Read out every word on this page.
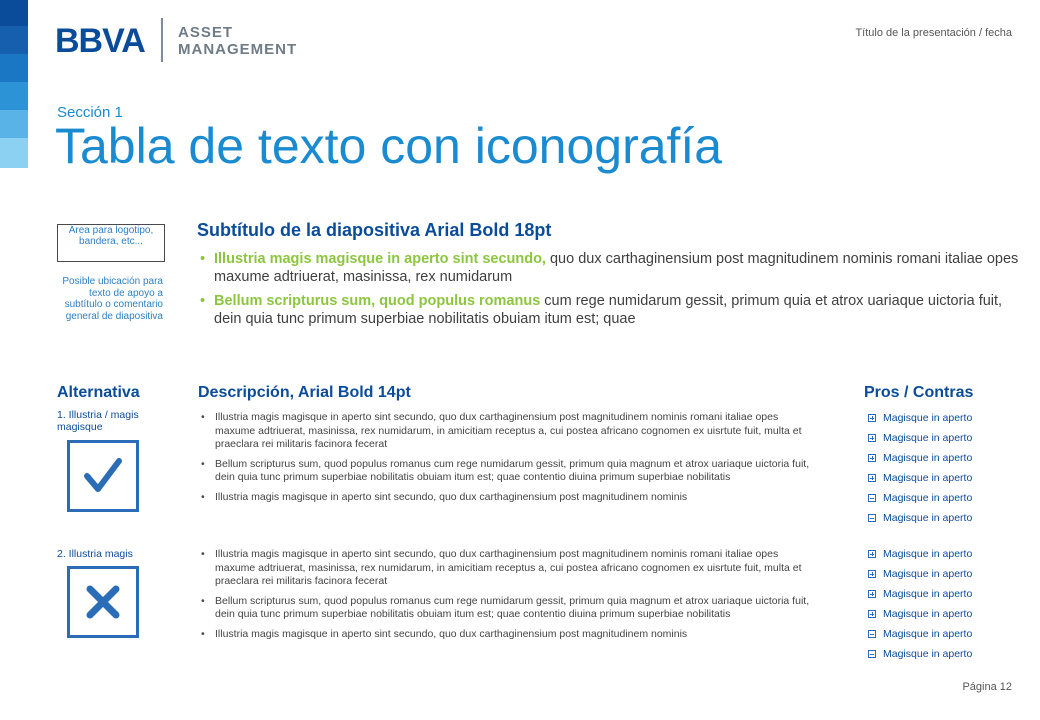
BBVA ASSET
MANAGEMENT
Título de la presentación / fecha
Sección 1
Tabla de texto con iconografía
Área para logotipo, bandera, etc...
Posible ubicación para texto de apoyo a subtítulo o comentario general de diapositiva
Subtítulo de la diapositiva Arial Bold 18pt
• Illustria magis magisque in aperto sint secundo, quo dux carthaginensium post magnitudinem nominis romani italiae opes maxume adtriuerat, masinissa, rex numidarum
• Bellum scripturus sum, quod populus romanus cum rege numidarum gessit, primum quia et atrox uariaque uictoria fuit, dein quia tunc primum superbiae nobilitatis obuiam itum est; quae
Alternativa	Descripción, Arial Bold 14pt	Pros / Contras
1. Illustria / magis magisque
• Illustria magis magisque in aperto sint secundo, quo dux carthaginensium post magnitudinem nominis romani italiae opes maxume adtriuerat, masinissa, rex numidarum, in amicitiam receptus a, cui postea africano cognomen ex uisrtute fuit, multa et praeclara rei militaris facinora fecerat
• Bellum scripturus sum, quod populus romanus cum rege numidarum gessit, primum quia magnum et atrox uariaque uictoria fuit, dein quia tunc primum superbiae nobilitatis obuiam itum est; quae contentio diuina primum superbiae nobilitatis
• Illustria magis magisque in aperto sint secundo, quo dux carthaginensium post magnitudinem nominis
Magisque in aperto
Magisque in aperto
Magisque in aperto
Magisque in aperto
Magisque in aperto
Magisque in aperto
2. Illustria magis
•	Illustria magis magisque in aperto sint secundo, quo dux carthaginensium post magnitudinem nominis romani italiae opes maxume adtriuerat, masinissa, rex numidarum, in amicitiam receptus a, cui postea africano cognomen ex uisrtute fuit, multa et praeclara rei militaris facinora fecerat
• Bellum scripturus sum, quod populus romanus cum rege numidarum gessit, primum quia magnum et atrox uariaque uictoria fuit, dein quia tunc primum superbiae nobilitatis obuiam itum est; quae contentio diuina primum superbiae nobilitatis
• Illustria magis magisque in aperto sint secundo, quo dux carthaginensium post magnitudinem nominis
Magisque in aperto
Magisque in aperto
Magisque in aperto
Magisque in aperto
Magisque in aperto
Magisque in aperto
Página 12
